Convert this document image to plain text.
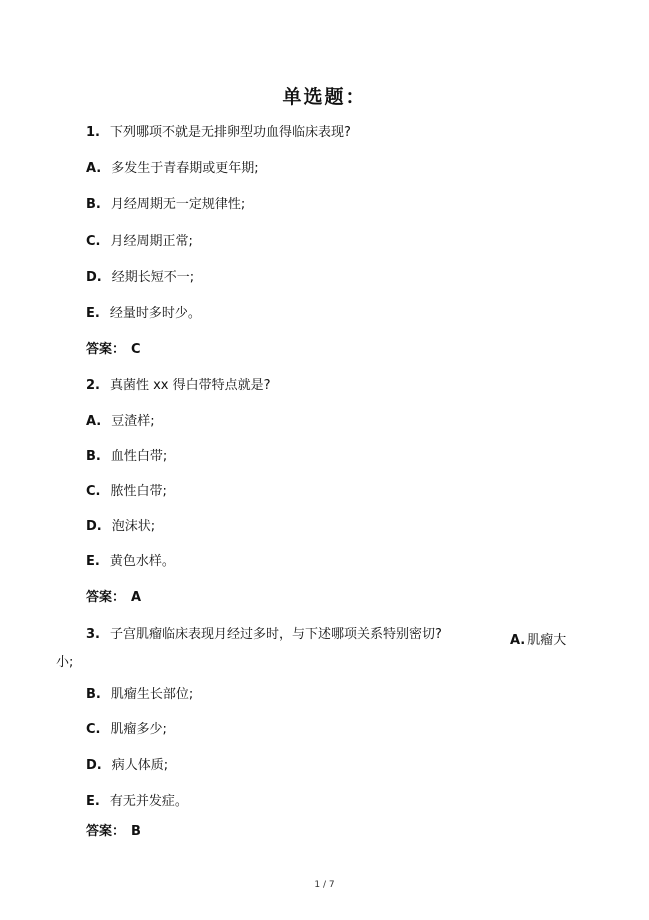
单选题：
1. 下列哪项不就是无排卵型功血得临床表现?
A. 多发生于青春期或更年期;
B. 月经周期无一定规律性;
C. 月经周期正常;
D. 经期长短不一;
E. 经量时多时少。
答案： C
2. 真菌性 xx 得白带特点就是?
A. 豆渣样;
B. 血性白带;
C. 脓性白带;
D. 泡沫状;
E. 黄色水样。
答案： A
3. 子宫肌瘤临床表现月经过多时，与下述哪项关系特别密切?	A. 肌瘤大
小;
B. 肌瘤生长部位;
C. 肌瘤多少;
D. 病人体质;
E. 有无并发症。
答案： B
1 / 7
